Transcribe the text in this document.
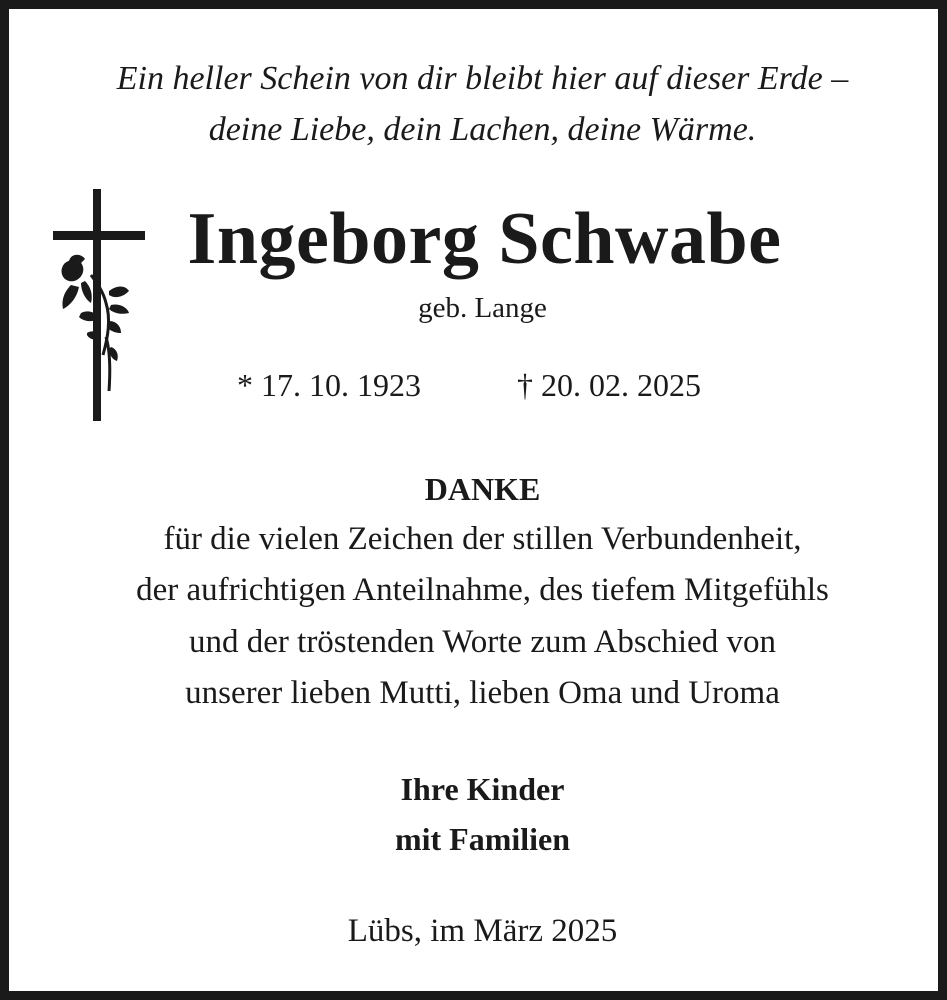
Ein heller Schein von dir bleibt hier auf dieser Erde –
deine Liebe, dein Lachen, deine Wärme.
Ingeborg Schwabe
geb. Lange
* 17. 10. 1923	† 20. 02. 2025
DANKE
für die vielen Zeichen der stillen Verbundenheit,
der aufrichtigen Anteilnahme, des tiefem Mitgefühls
und der tröstenden Worte zum Abschied von
unserer lieben Mutti, lieben Oma und Uroma
Ihre Kinder
mit Familien
Lübs, im März 2025
